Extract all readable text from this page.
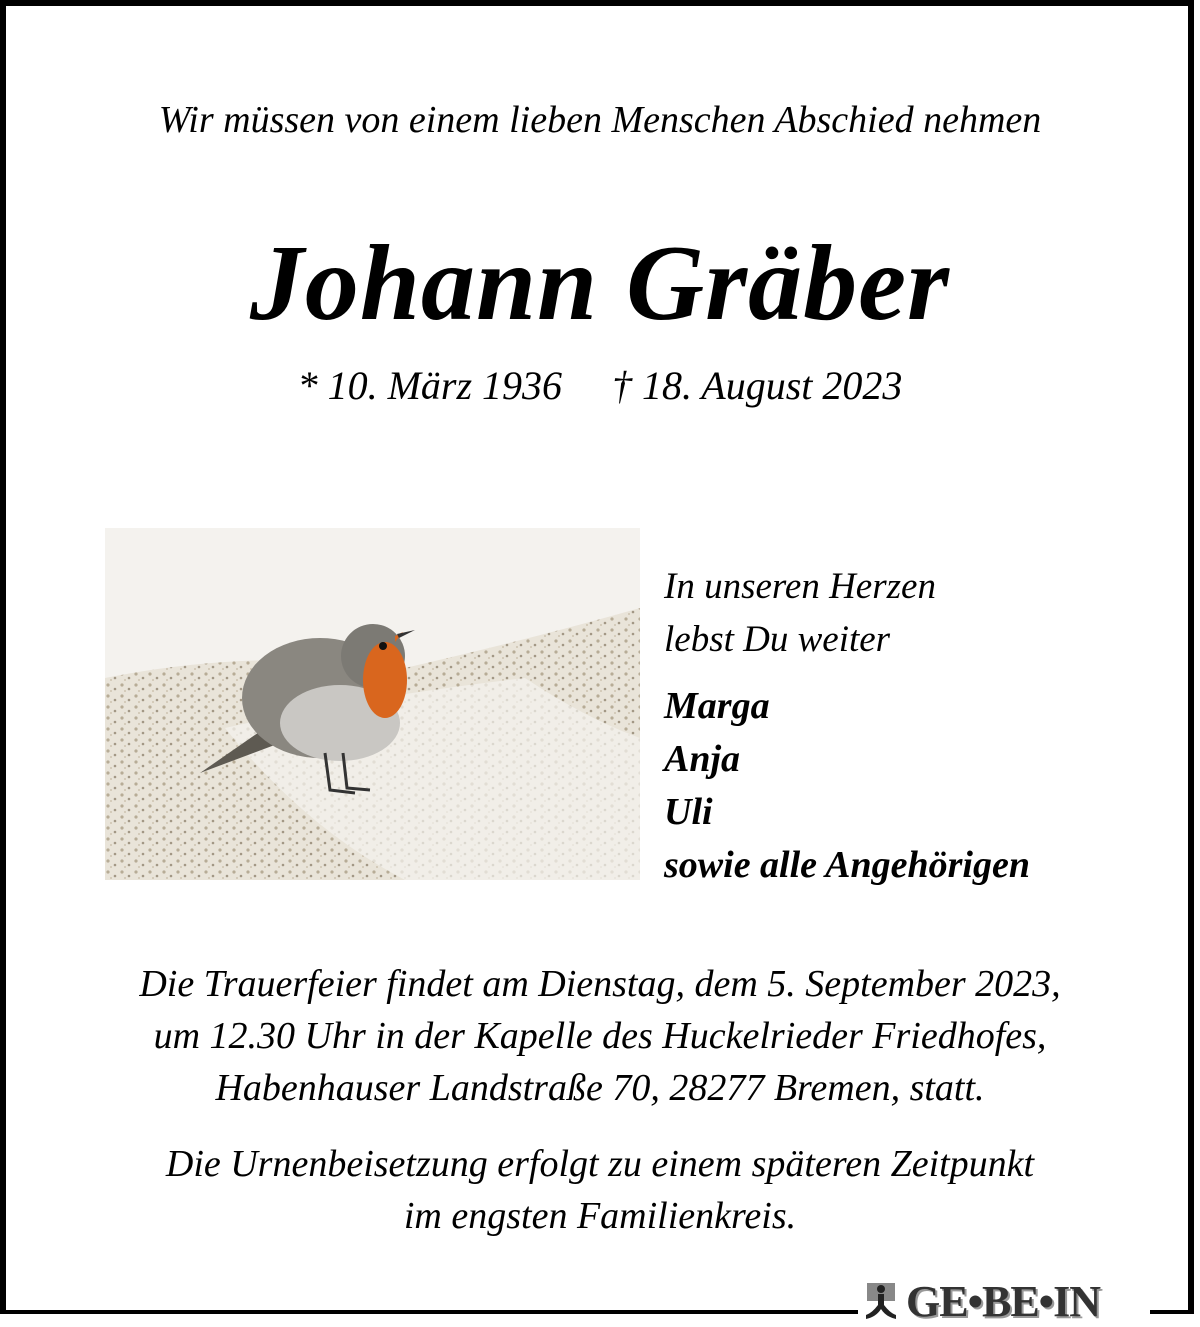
Wir müssen von einem lieben Menschen Abschied nehmen
Johann Gräber
* 10. März 1936 † 18. August 2023
In unseren Herzen
lebst Du weiter
Marga
Anja
Uli
sowie alle Angehörigen
Die Trauerfeier findet am Dienstag, dem 5. September 2023,
um 12.30 Uhr in der Kapelle des Huckelrieder Friedhofes,
Habenhauser Landstraße 70, 28277 Bremen, statt.
Die Urnenbeisetzung erfolgt zu einem späteren Zeitpunkt
im engsten Familienkreis.
GE•BE•IN
